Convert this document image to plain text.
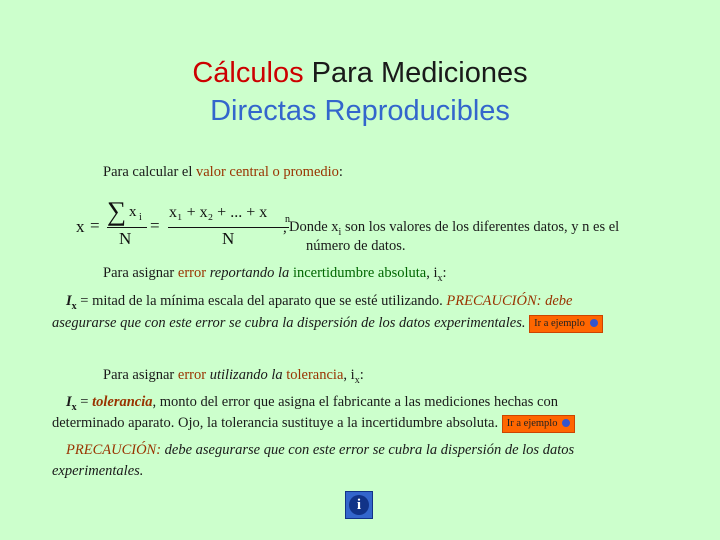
Cálculos Para Mediciones
Directas Reproducibles
Para calcular el valor central o promedio:
x = ∑ x i
N
=
x₁ + x₂ + ... + x n
N
, Donde $x_i$ son los valores de los diferentes datos, y n es el
número de datos.
Para asignar error reportando la incertidumbre absoluta, $i_x$:
$I_x$ = mitad de la mínima escala del aparato que se esté utilizando. PRECAUCIÓN: debe
asegurarse que con este error se cubra la dispersión de los datos experimentales. Ir a ejemplo
Para asignar error utilizando la tolerancia, $i_x$:
$I_x$ = tolerancia, monto del error que asigna el fabricante a las mediciones hechas con
determinado aparato. Ojo, la tolerancia sustituye a la incertidumbre absoluta. Ir a ejemplo
PRECAUCIÓN: debe asegurarse que con este error se cubra la dispersión de los datos
experimentales.
i
